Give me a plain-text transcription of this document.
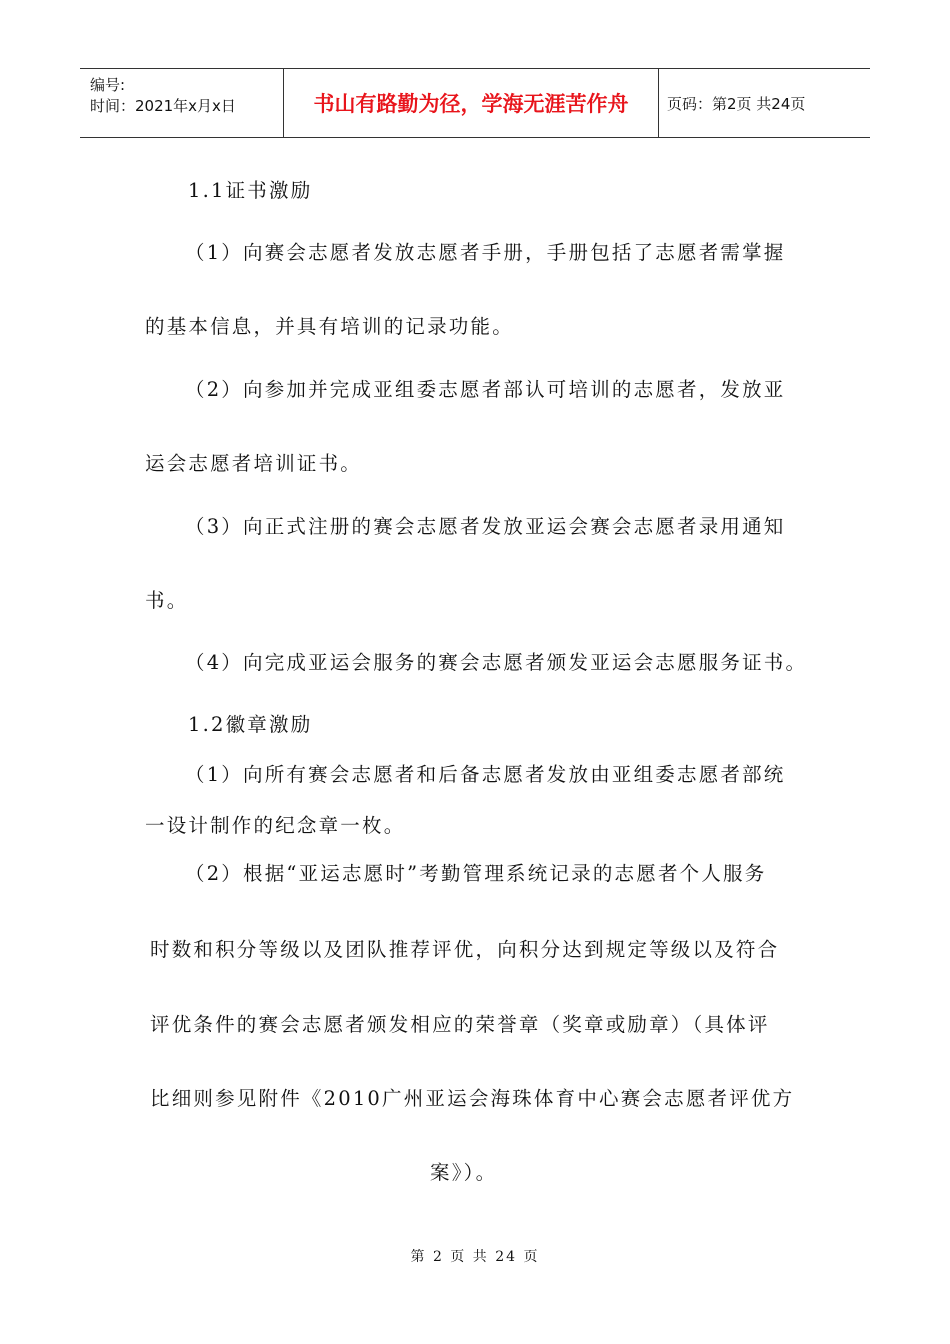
编号:
时间：2021年x月x日	书山有路勤为径，学海无涯苦作舟	页码：第2页 共24页
1.1证书激励
（1）向赛会志愿者发放志愿者手册，手册包括了志愿者需掌握
的基本信息，并具有培训的记录功能。
（2）向参加并完成亚组委志愿者部认可培训的志愿者，发放亚
运会志愿者培训证书。
（3）向正式注册的赛会志愿者发放亚运会赛会志愿者录用通知
书。
（4）向完成亚运会服务的赛会志愿者颁发亚运会志愿服务证书。
1.2徽章激励
（1）向所有赛会志愿者和后备志愿者发放由亚组委志愿者部统
一设计制作的纪念章一枚。
（2）根据“亚运志愿时”考勤管理系统记录的志愿者个人服务
时数和积分等级以及团队推荐评优，向积分达到规定等级以及符合
评优条件的赛会志愿者颁发相应的荣誉章（奖章或励章）（具体评
比细则参见附件《2010广州亚运会海珠体育中心赛会志愿者评优方
案》）。
第 2 页 共 24 页
